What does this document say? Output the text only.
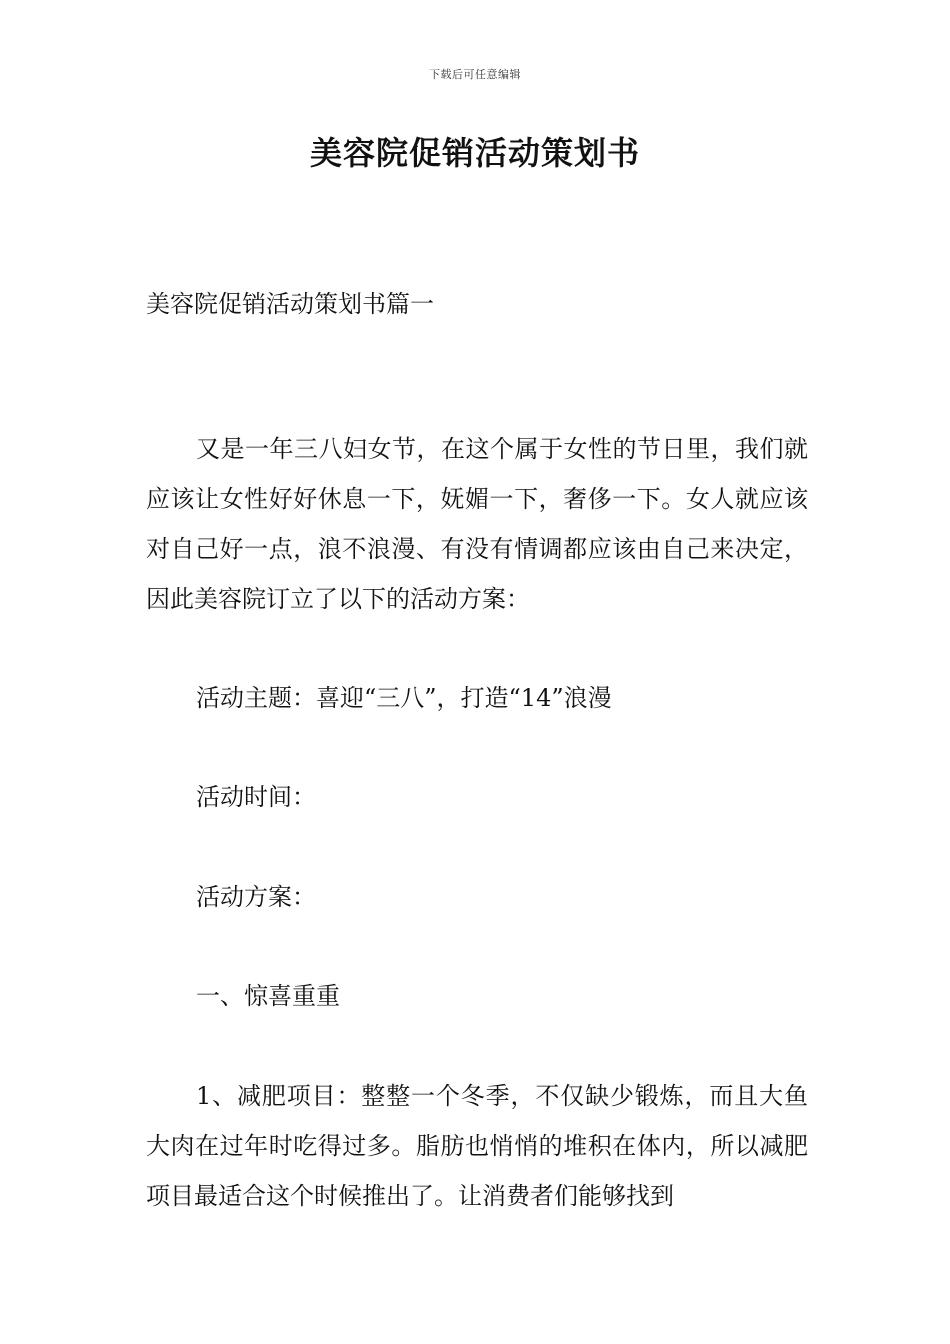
下载后可任意编辑
美容院促销活动策划书
美容院促销活动策划书篇一

又是一年三八妇女节，在这个属于女性的节日里，我们就应该让女性好好休息一下，妩媚一下，奢侈一下。女人就应该对自己好一点，浪不浪漫、有没有情调都应该由自己来决定，因此美容院订立了以下的活动方案：

活动主题：喜迎“三八”，打造“14”浪漫

活动时间：

活动方案：

一、惊喜重重

1、减肥项目：整整一个冬季，不仅缺少锻炼，而且大鱼大肉在过年时吃得过多。脂肪也悄悄的堆积在体内，所以减肥项目最适合这个时候推出了。让消费者们能够找到
